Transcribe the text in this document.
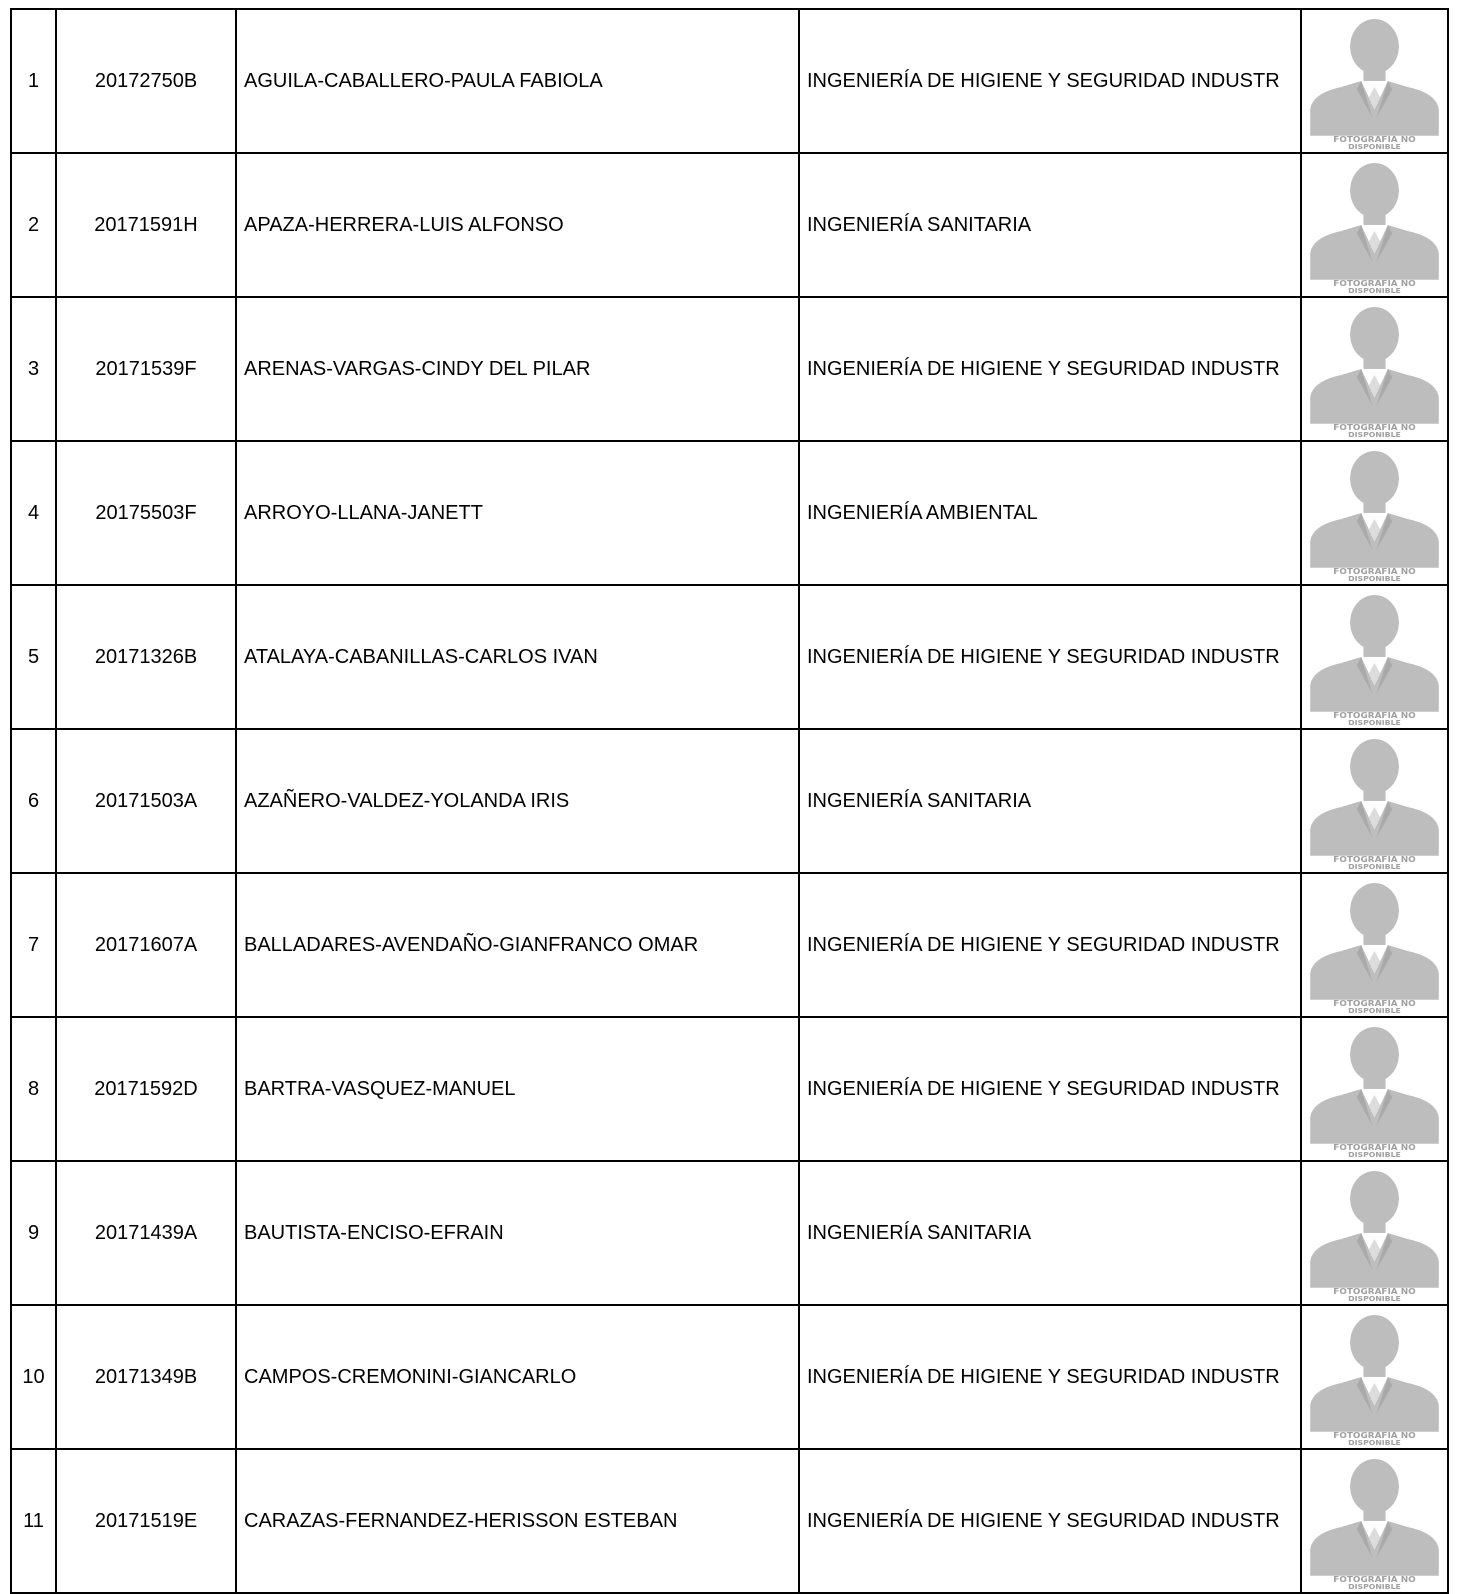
1	20172750B	AGUILA-CABALLERO-PAULA FABIOLA	INGENIERÍA DE HIGIENE Y SEGURIDAD INDUSTR	FOTOGRAFIA NO
DISPONIBLE

2	20171591H	APAZA-HERRERA-LUIS ALFONSO	INGENIERÍA SANITARIA	FOTOGRAFIA NO
DISPONIBLE

3	20171539F	ARENAS-VARGAS-CINDY DEL PILAR	INGENIERÍA DE HIGIENE Y SEGURIDAD INDUSTR	FOTOGRAFIA NO
DISPONIBLE

4	20175503F	ARROYO-LLANA-JANETT	INGENIERÍA AMBIENTAL	FOTOGRAFIA NO
DISPONIBLE

5	20171326B	ATALAYA-CABANILLAS-CARLOS IVAN	INGENIERÍA DE HIGIENE Y SEGURIDAD INDUSTR	FOTOGRAFIA NO
DISPONIBLE

6	20171503A	AZAÑERO-VALDEZ-YOLANDA IRIS	INGENIERÍA SANITARIA	FOTOGRAFIA NO
DISPONIBLE

7	20171607A	BALLADARES-AVENDAÑO-GIANFRANCO OMAR	INGENIERÍA DE HIGIENE Y SEGURIDAD INDUSTR	FOTOGRAFIA NO
DISPONIBLE

8	20171592D	BARTRA-VASQUEZ-MANUEL	INGENIERÍA DE HIGIENE Y SEGURIDAD INDUSTR	FOTOGRAFIA NO
DISPONIBLE

9	20171439A	BAUTISTA-ENCISO-EFRAIN	INGENIERÍA SANITARIA	FOTOGRAFIA NO
DISPONIBLE

10	20171349B	CAMPOS-CREMONINI-GIANCARLO	INGENIERÍA DE HIGIENE Y SEGURIDAD INDUSTR	FOTOGRAFIA NO
DISPONIBLE

11	20171519E	CARAZAS-FERNANDEZ-HERISSON ESTEBAN	INGENIERÍA DE HIGIENE Y SEGURIDAD INDUSTR	FOTOGRAFIA NO
DISPONIBLE
